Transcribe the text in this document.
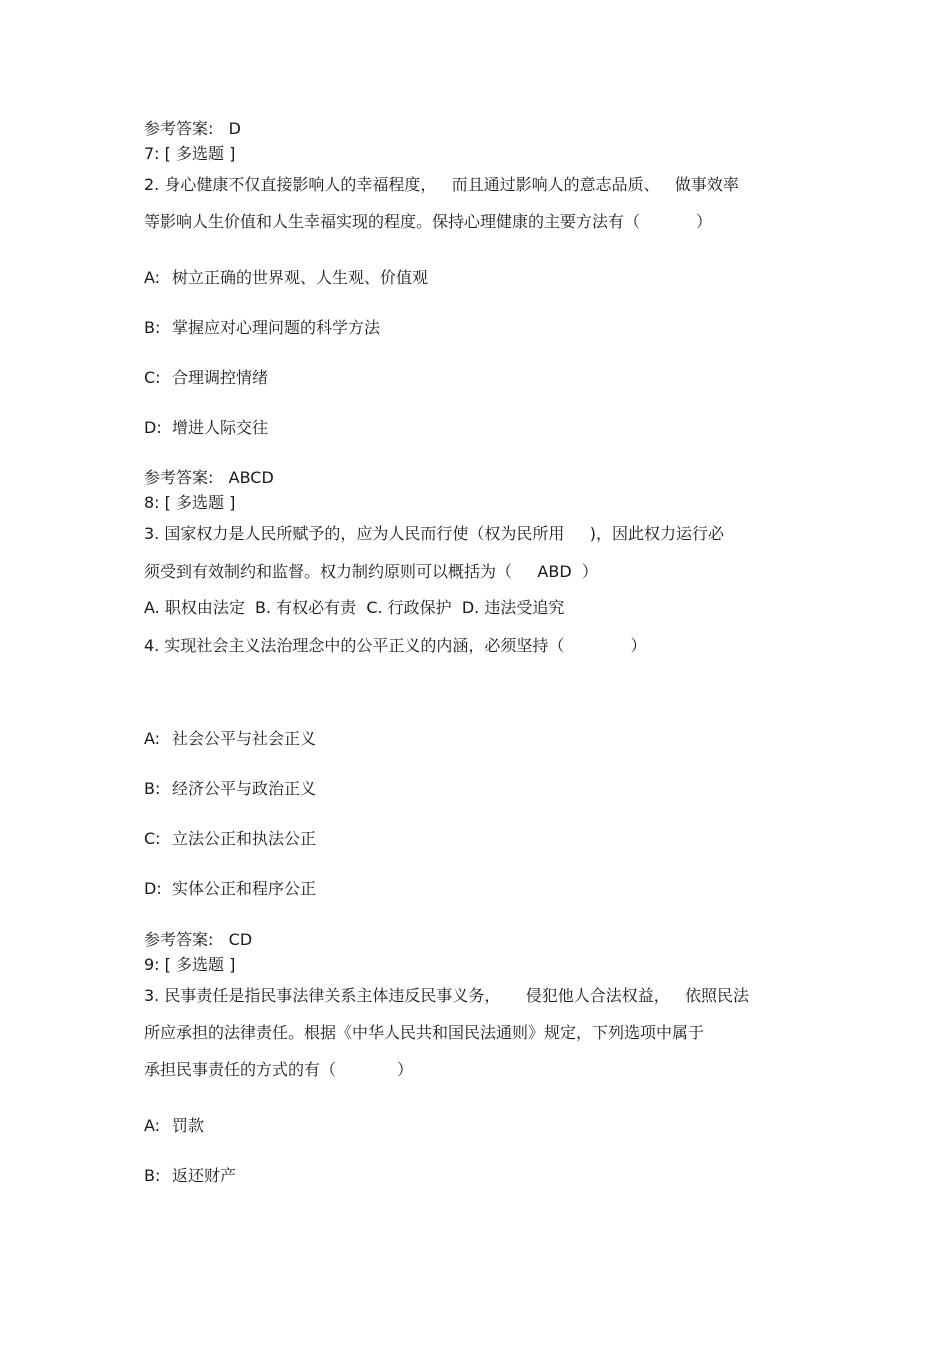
参考答案:   D
7: [ 多选题 ]
2. 身心健康不仅直接影响人的幸福程度，   而且通过影响人的意志品质、   做事效率
等影响人生价值和人生幸福实现的程度。保持心理健康的主要方法有（           ）
A: 树立正确的世界观、人生观、价值观
B: 掌握应对心理问题的科学方法
C: 合理调控情绪
D: 增进人际交往
参考答案:   ABCD
8: [ 多选题 ]
3. 国家权力是人民所赋予的，应为人民而行使（权为民所用     )，因此权力运行必
须受到有效制约和监督。权力制约原则可以概括为（     ABD  ）
A. 职权由法定  B. 有权必有责  C. 行政保护  D. 违法受追究
4. 实现社会主义法治理念中的公平正义的内涵，必须坚持（             ）
A: 社会公平与社会正义
B: 经济公平与政治正义
C: 立法公正和执法公正
D: 实体公正和程序公正
参考答案:   CD
9: [ 多选题 ]
3. 民事责任是指民事法律关系主体违反民事义务，     侵犯他人合法权益，   依照民法
所应承担的法律责任。根据《中华人民共和国民法通则》规定，下列选项中属于
承担民事责任的方式的有（            ）
A: 罚款
B: 返还财产
